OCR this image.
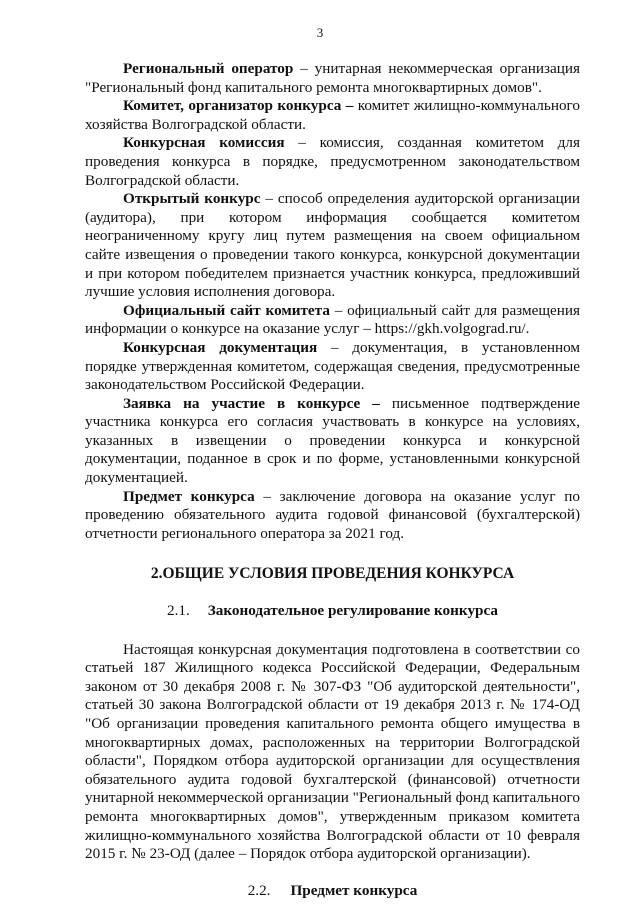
3

Региональный оператор – унитарная некоммерческая организация "Региональный фонд капитального ремонта многоквартирных домов".

Комитет, организатор конкурса – комитет жилищно-коммунального хозяйства Волгоградской области.

Конкурсная комиссия – комиссия, созданная комитетом для проведения конкурса в порядке, предусмотренном законодательством Волгоградской области.

Открытый конкурс – способ определения аудиторской организации (аудитора), при котором информация сообщается комитетом неограниченному кругу лиц путем размещения на своем официальном сайте извещения о проведении такого конкурса, конкурсной документации и при котором победителем признается участник конкурса, предложивший лучшие условия исполнения договора.

Официальный сайт комитета – официальный сайт для размещения информации о конкурсе на оказание услуг – https://gkh.volgograd.ru/.

Конкурсная документация – документация, в установленном порядке утвержденная комитетом, содержащая сведения, предусмотренные законодательством Российской Федерации.

Заявка на участие в конкурсе – письменное подтверждение участника конкурса его согласия участвовать в конкурсе на условиях, указанных в извещении о проведении конкурса и конкурсной документации, поданное в срок и по форме, установленными конкурсной документацией.

Предмет конкурса – заключение договора на оказание услуг по проведению обязательного аудита годовой финансовой (бухгалтерской) отчетности регионального оператора за 2021 год.

2.ОБЩИЕ УСЛОВИЯ ПРОВЕДЕНИЯ КОНКУРСА
2.1. Законодательное регулирование конкурса

Настоящая конкурсная документация подготовлена в соответствии со статьей 187 Жилищного кодекса Российской Федерации, Федеральным законом от 30 декабря 2008 г. № 307-ФЗ "Об аудиторской деятельности", статьей 30 закона Волгоградской области от 19 декабря 2013 г. № 174-ОД "Об организации проведения капитального ремонта общего имущества в многоквартирных домах, расположенных на территории Волгоградской области", Порядком отбора аудиторской организации для осуществления обязательного аудита годовой бухгалтерской (финансовой) отчетности унитарной некоммерческой организации "Региональный фонд капитального ремонта многоквартирных домов", утвержденным приказом комитета жилищно-коммунального хозяйства Волгоградской области от 10 февраля 2015 г. № 23-ОД (далее – Порядок отбора аудиторской организации).

2.2. Предмет конкурса
